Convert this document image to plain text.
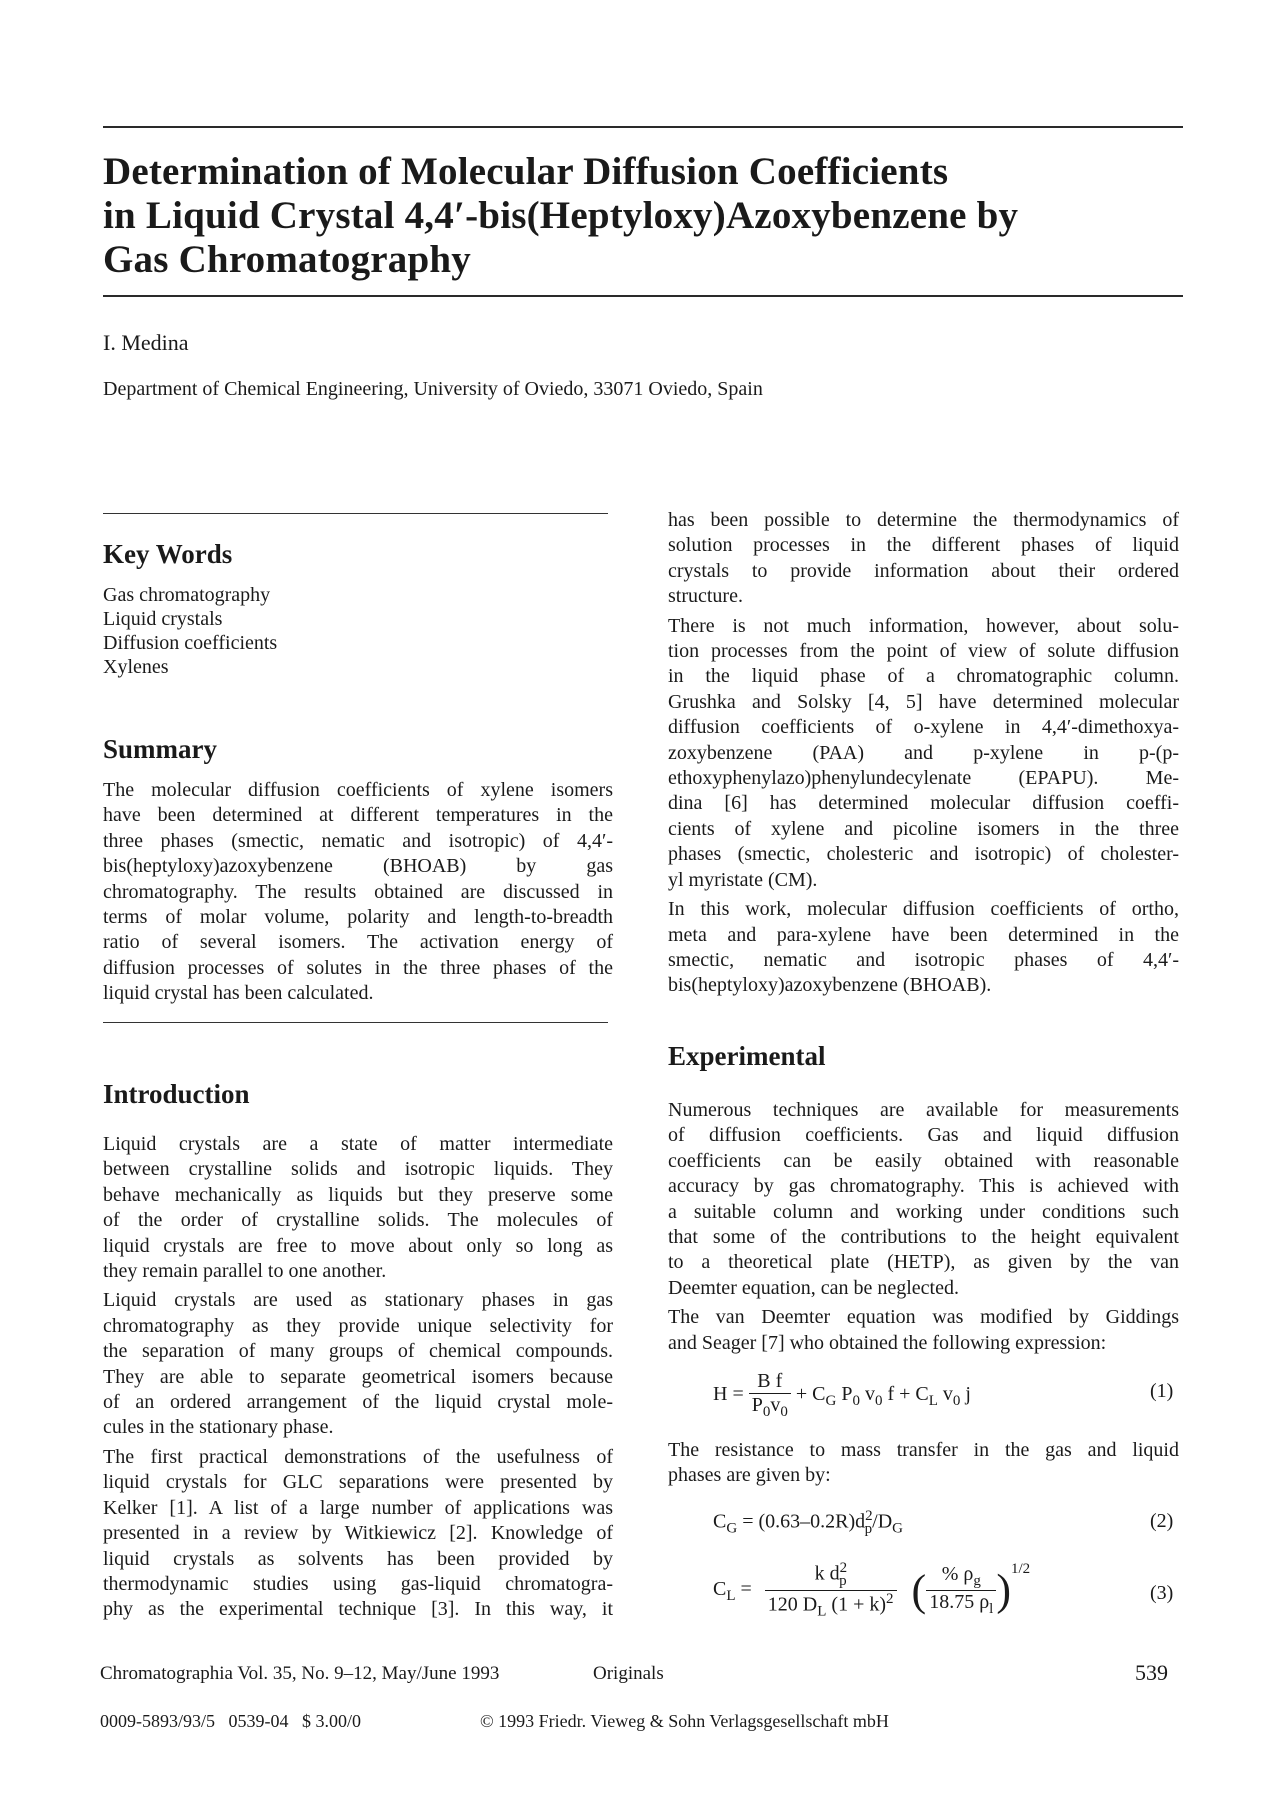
Determination of Molecular Diffusion Coefficients
in Liquid Crystal 4,4′-bis(Heptyloxy)Azoxybenzene by
Gas Chromatography
I. Medina
Department of Chemical Engineering, University of Oviedo, 33071 Oviedo, Spain
Key Words
Gas chromatography
Liquid crystals
Diffusion coefficients
Xylenes
Summary
The molecular diffusion coefficients of xylene isomers
have been determined at different temperatures in the
three phases (smectic, nematic and isotropic) of 4,4′-
bis(heptyloxy)azoxybenzene (BHOAB) by gas
chromatography. The results obtained are discussed in
terms of molar volume, polarity and length-to-breadth
ratio of several isomers. The activation energy of
diffusion processes of solutes in the three phases of the
liquid crystal has been calculated.
Introduction
Liquid crystals are a state of matter intermediate
between crystalline solids and isotropic liquids. They
behave mechanically as liquids but they preserve some
of the order of crystalline solids. The molecules of
liquid crystals are free to move about only so long as
they remain parallel to one another.
Liquid crystals are used as stationary phases in gas
chromatography as they provide unique selectivity for
the separation of many groups of chemical compounds.
They are able to separate geometrical isomers because
of an ordered arrangement of the liquid crystal mole-
cules in the stationary phase.
The first practical demonstrations of the usefulness of
liquid crystals for GLC separations were presented by
Kelker [1]. A list of a large number of applications was
presented in a review by Witkiewicz [2]. Knowledge of
liquid crystals as solvents has been provided by
thermodynamic studies using gas-liquid chromatogra-
phy as the experimental technique [3]. In this way, it
has been possible to determine the thermodynamics of
solution processes in the different phases of liquid
crystals to provide information about their ordered
structure.
There is not much information, however, about solu-
tion processes from the point of view of solute diffusion
in the liquid phase of a chromatographic column.
Grushka and Solsky [4, 5] have determined molecular
diffusion coefficients of o-xylene in 4,4′-dimethoxya-
zoxybenzene (PAA) and p-xylene in p-(p-
ethoxyphenylazo)phenylundecylenate (EPAPU). Me-
dina [6] has determined molecular diffusion coeffi-
cients of xylene and picoline isomers in the three
phases (smectic, cholesteric and isotropic) of cholester-
yl myristate (CM).
In this work, molecular diffusion coefficients of ortho,
meta and para-xylene have been determined in the
smectic, nematic and isotropic phases of 4,4′-
bis(heptyloxy)azoxybenzene (BHOAB).
Experimental
Numerous techniques are available for measurements
of diffusion coefficients. Gas and liquid diffusion
coefficients can be easily obtained with reasonable
accuracy by gas chromatography. This is achieved with
a suitable column and working under conditions such
that some of the contributions to the height equivalent
to a theoretical plate (HETP), as given by the van
Deemter equation, can be neglected.
The van Deemter equation was modified by Giddings
and Seager [7] who obtained the following expression:
$H = \frac{\text{B f}}{P_0v_0} + C_G$ $P_0$ $v_0$ $f + C_L$ $v_0$ j	(1)
The resistance to mass transfer in the gas and liquid
phases are given by:
$C_G = (0.63-0.2R)d^2_p/D_G$	(2)
$C_L = \frac{k d^2_p}{120 D_L (1 + k)^2}$ ( $\frac{\% \rho_g}{18.75 \rho_l} )^{1/2}$
(3)
Chromatographia Vol. 35, No. 9–12, May/June 1993	Originals	539
0009-5893/93/5   0539-04   $ 3.00/0	© 1993 Friedr. Vieweg & Sohn Verlagsgesellschaft mbH
